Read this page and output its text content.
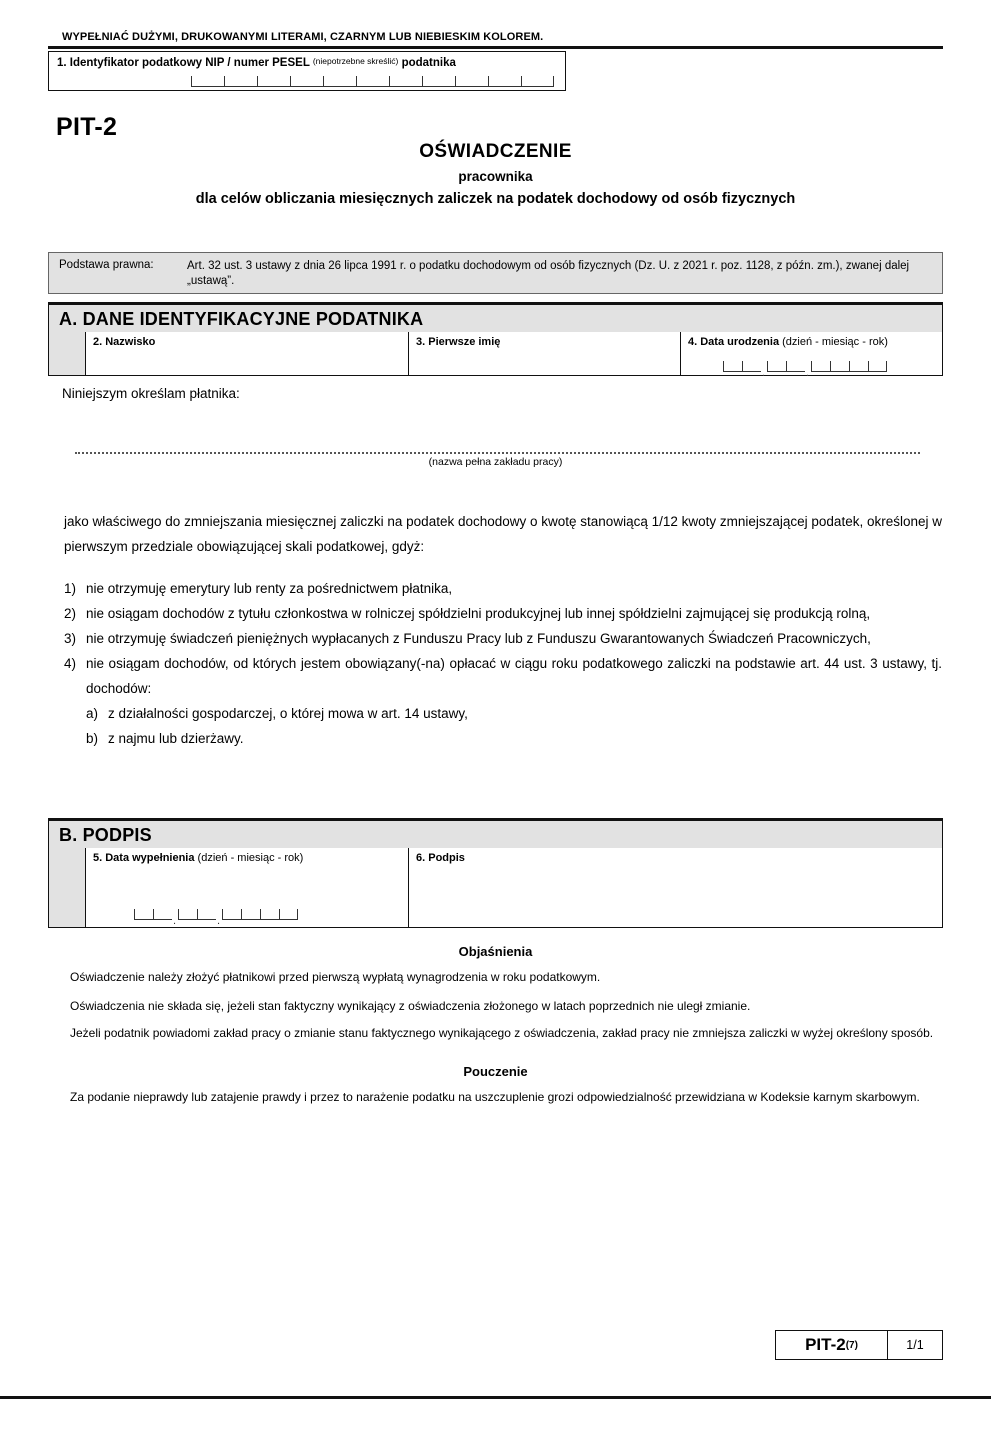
WYPEŁNIAĆ DUŻYMI, DRUKOWANYMI LITERAMI, CZARNYM LUB NIEBIESKIM KOLOREM.
1. Identyfikator podatkowy NIP / numer PESEL $^{(niepotrzebne skreślić)}$ podatnika
PIT-2
OŚWIADCZENIE
pracownika
dla celów obliczania miesięcznych zaliczek na podatek dochodowy od osób fizycznych
Podstawa prawna:	Art. 32 ust. 3 ustawy z dnia 26 lipca 1991 r. o podatku dochodowym od osób fizycznych (Dz. U. z 2021 r. poz. 1128, z późn. zm.), zwanej dalej „ustawą”.
A. DANE IDENTYFIKACYJNE PODATNIKA
2. Nazwisko	3. Pierwsze imię	4. Data urodzenia (dzień - miesiąc - rok)
.
.
Niniejszym określam płatnika:
(nazwa pełna zakładu pracy)
jako właściwego do zmniejszania miesięcznej zaliczki na podatek dochodowy o kwotę stanowiącą 1/12 kwoty zmniejszającej podatek, określonej w pierwszym przedziale obowiązującej skali podatkowej, gdyż:

1) nie otrzymuję emerytury lub renty za pośrednictwem płatnika,

2) nie osiągam dochodów z tytułu członkostwa w rolniczej spółdzielni produkcyjnej lub innej spółdzielni zajmującej się produkcją rolną,

3) nie otrzymuję świadczeń pieniężnych wypłacanych z Funduszu Pracy lub z Funduszu Gwarantowanych Świadczeń Pracowniczych,

4) nie osiągam dochodów, od których jestem obowiązany(-na) opłacać w ciągu roku podatkowego zaliczki na podstawie art. 44 ust. 3 ustawy, tj. dochodów:

a) z działalności gospodarczej, o której mowa w art. 14 ustawy,

b) z najmu lub dzierżawy.

B. PODPIS
5. Data wypełnienia (dzień - miesiąc - rok)
.
.	6. Podpis
Objaśnienia
Oświadczenie należy złożyć płatnikowi przed pierwszą wypłatą wynagrodzenia w roku podatkowym.
Oświadczenia nie składa się, jeżeli stan faktyczny wynikający z oświadczenia złożonego w latach poprzednich nie uległ zmianie.
Jeżeli podatnik powiadomi zakład pracy o zmianie stanu faktycznego wynikającego z oświadczenia, zakład pracy nie zmniejsza zaliczki w wyżej określony sposób.
Pouczenie
Za podanie nieprawdy lub zatajenie prawdy i przez to narażenie podatku na uszczuplenie grozi odpowiedzialność przewidziana w Kodeksie karnym skarbowym.
PIT-2 (7)	1/1
